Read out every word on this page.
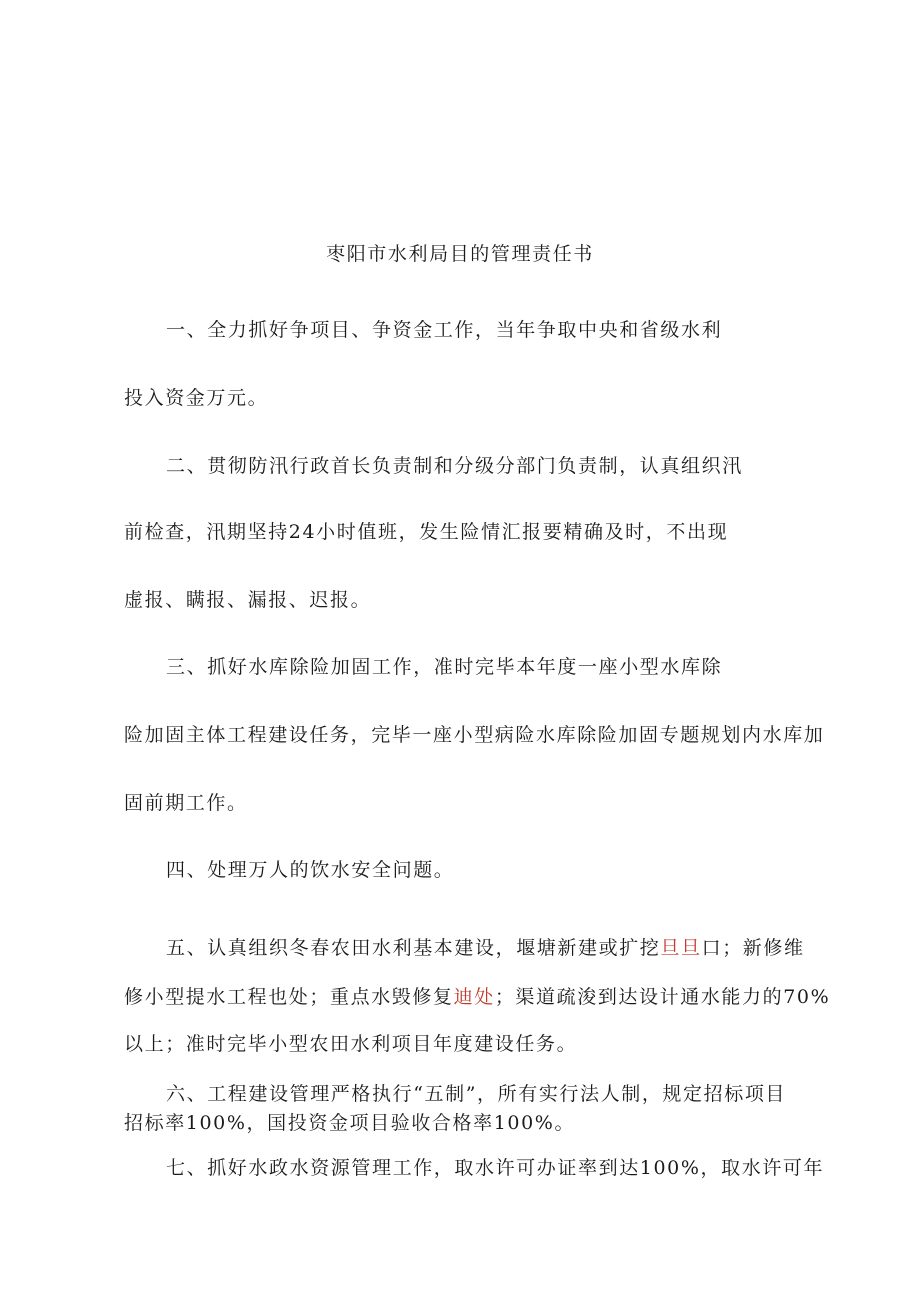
枣阳市水利局目的管理责任书
一、全力抓好争项目、争资金工作，当年争取中央和省级水利
投入资金万元。
二、贯彻防汛行政首长负责制和分级分部门负责制，认真组织汛
前检查，汛期坚持24小时值班，发生险情汇报要精确及时，不出现
虚报、瞒报、漏报、迟报。
三、抓好水库除险加固工作，准时完毕本年度一座小型水库除
险加固主体工程建设任务，完毕一座小型病险水库除险加固专题规划内水库加
固前期工作。
四、处理万人的饮水安全问题。
五、认真组织冬春农田水利基本建设，堰塘新建或扩挖旦旦口；新修维
修小型提水工程也处；重点水毁修复迪处；渠道疏浚到达设计通水能力的70%
以上；准时完毕小型农田水利项目年度建设任务。
六、工程建设管理严格执行“五制”，所有实行法人制，规定招标项目
招标率100%，国投资金项目验收合格率100%。
七、抓好水政水资源管理工作，取水许可办证率到达100%，取水许可年
